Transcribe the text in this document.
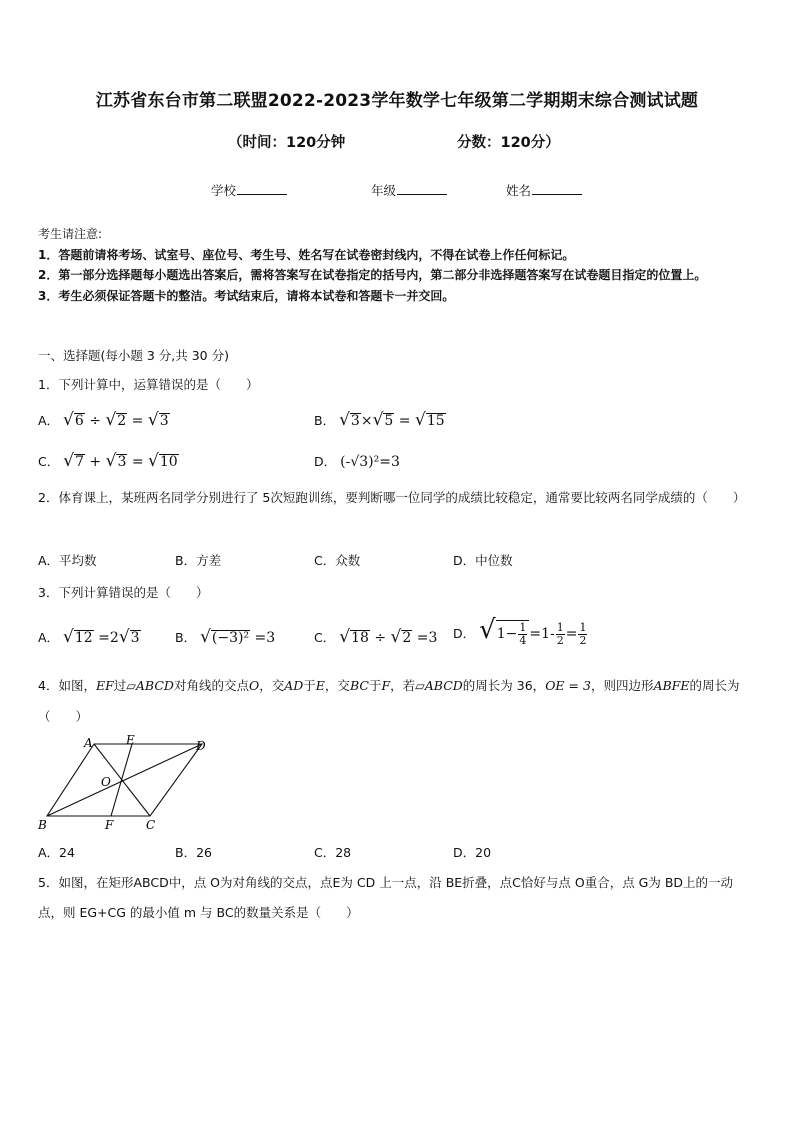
江苏省东台市第二联盟2022-2023学年数学七年级第二学期期末综合测试试题
（时间：120分钟	分数：120分）
学校	年级	姓名
考生请注意:
1．答题前请将考场、试室号、座位号、考生号、姓名写在试卷密封线内，不得在试卷上作任何标记。
2．第一部分选择题每小题选出答案后，需将答案写在试卷指定的括号内，第二部分非选择题答案写在试卷题目指定的位置上。
3．考生必须保证答题卡的整洁。考试结束后，请将本试卷和答题卡一并交回。
一、选择题(每小题 3 分,共 30 分)
1．下列计算中，运算错误的是（　　）
A． √6 ÷ √2 = √3	B． √3×√5 = √15
C． √7 + √3 = √10	D． (-√3)²=3
2．体育课上，某班两名同学分别进行了 5次短跑训练，要判断哪一位同学的成绩比较稳定，通常要比较两名同学成绩的（　　）
A．平均数	B．方差	C．众数	D．中位数
3．下列计算错误的是（　　）
A． √12 =2√3	B． √(−3)² =3	C． √18 ÷ √2 =3 D． $√1- \frac{1}{4} =1- \frac{1}{2} = \frac{1}{2}$
4．如图，EF过▱ABCD对角线的交点O，交AD于E，交BC于F，若▱ABCD的周长为 36，OE = 3，则四边形ABFE的周长为（　　）
A	E	D
O
B	F	C
A．24	B．26	C．28	D．20
5．如图，在矩形ABCD中，点 O为对角线的交点，点E为 CD 上一点，沿 BE折叠，点C恰好与点 O重合，点 G为 BD上的一动点，则 EG+CG 的最小值 m 与 BC的数量关系是（　　）
